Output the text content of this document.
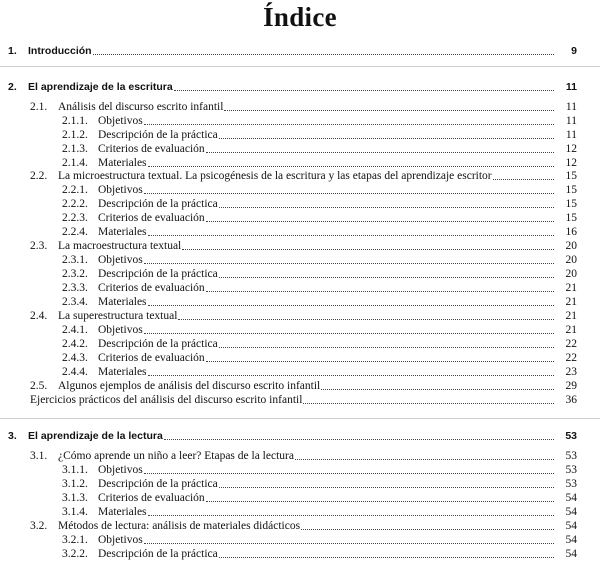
Índice
1.	Introducción	9
2.	El aprendizaje de la escritura	11
2.1. Análisis del discurso escrito infantil	11
2.1.1. Objetivos	11
2.1.2. Descripción de la práctica	11
2.1.3. Criterios de evaluación	12
2.1.4. Materiales	12
2.2. La microestructura textual. La psicogénesis de la escritura y las etapas del aprendizaje escritor	15
2.2.1. Objetivos	15
2.2.2. Descripción de la práctica	15
2.2.3. Criterios de evaluación	15
2.2.4. Materiales	16
2.3. La macroestructura textual	20
2.3.1. Objetivos	20
2.3.2. Descripción de la práctica	20
2.3.3. Criterios de evaluación	21
2.3.4. Materiales	21
2.4. La superestructura textual	21
2.4.1. Objetivos	21
2.4.2. Descripción de la práctica	22
2.4.3. Criterios de evaluación	22
2.4.4. Materiales	23
2.5. Algunos ejemplos de análisis del discurso escrito infantil	29
Ejercicios prácticos del análisis del discurso escrito infantil	36
3.	El aprendizaje de la lectura	53
3.1. ¿Cómo aprende un niño a leer? Etapas de la lectura	53
3.1.1. Objetivos	53
3.1.2. Descripción de la práctica	53
3.1.3. Criterios de evaluación	54
3.1.4. Materiales	54
3.2. Métodos de lectura: análisis de materiales didácticos	54
3.2.1. Objetivos	54
3.2.2. Descripción de la práctica	54
